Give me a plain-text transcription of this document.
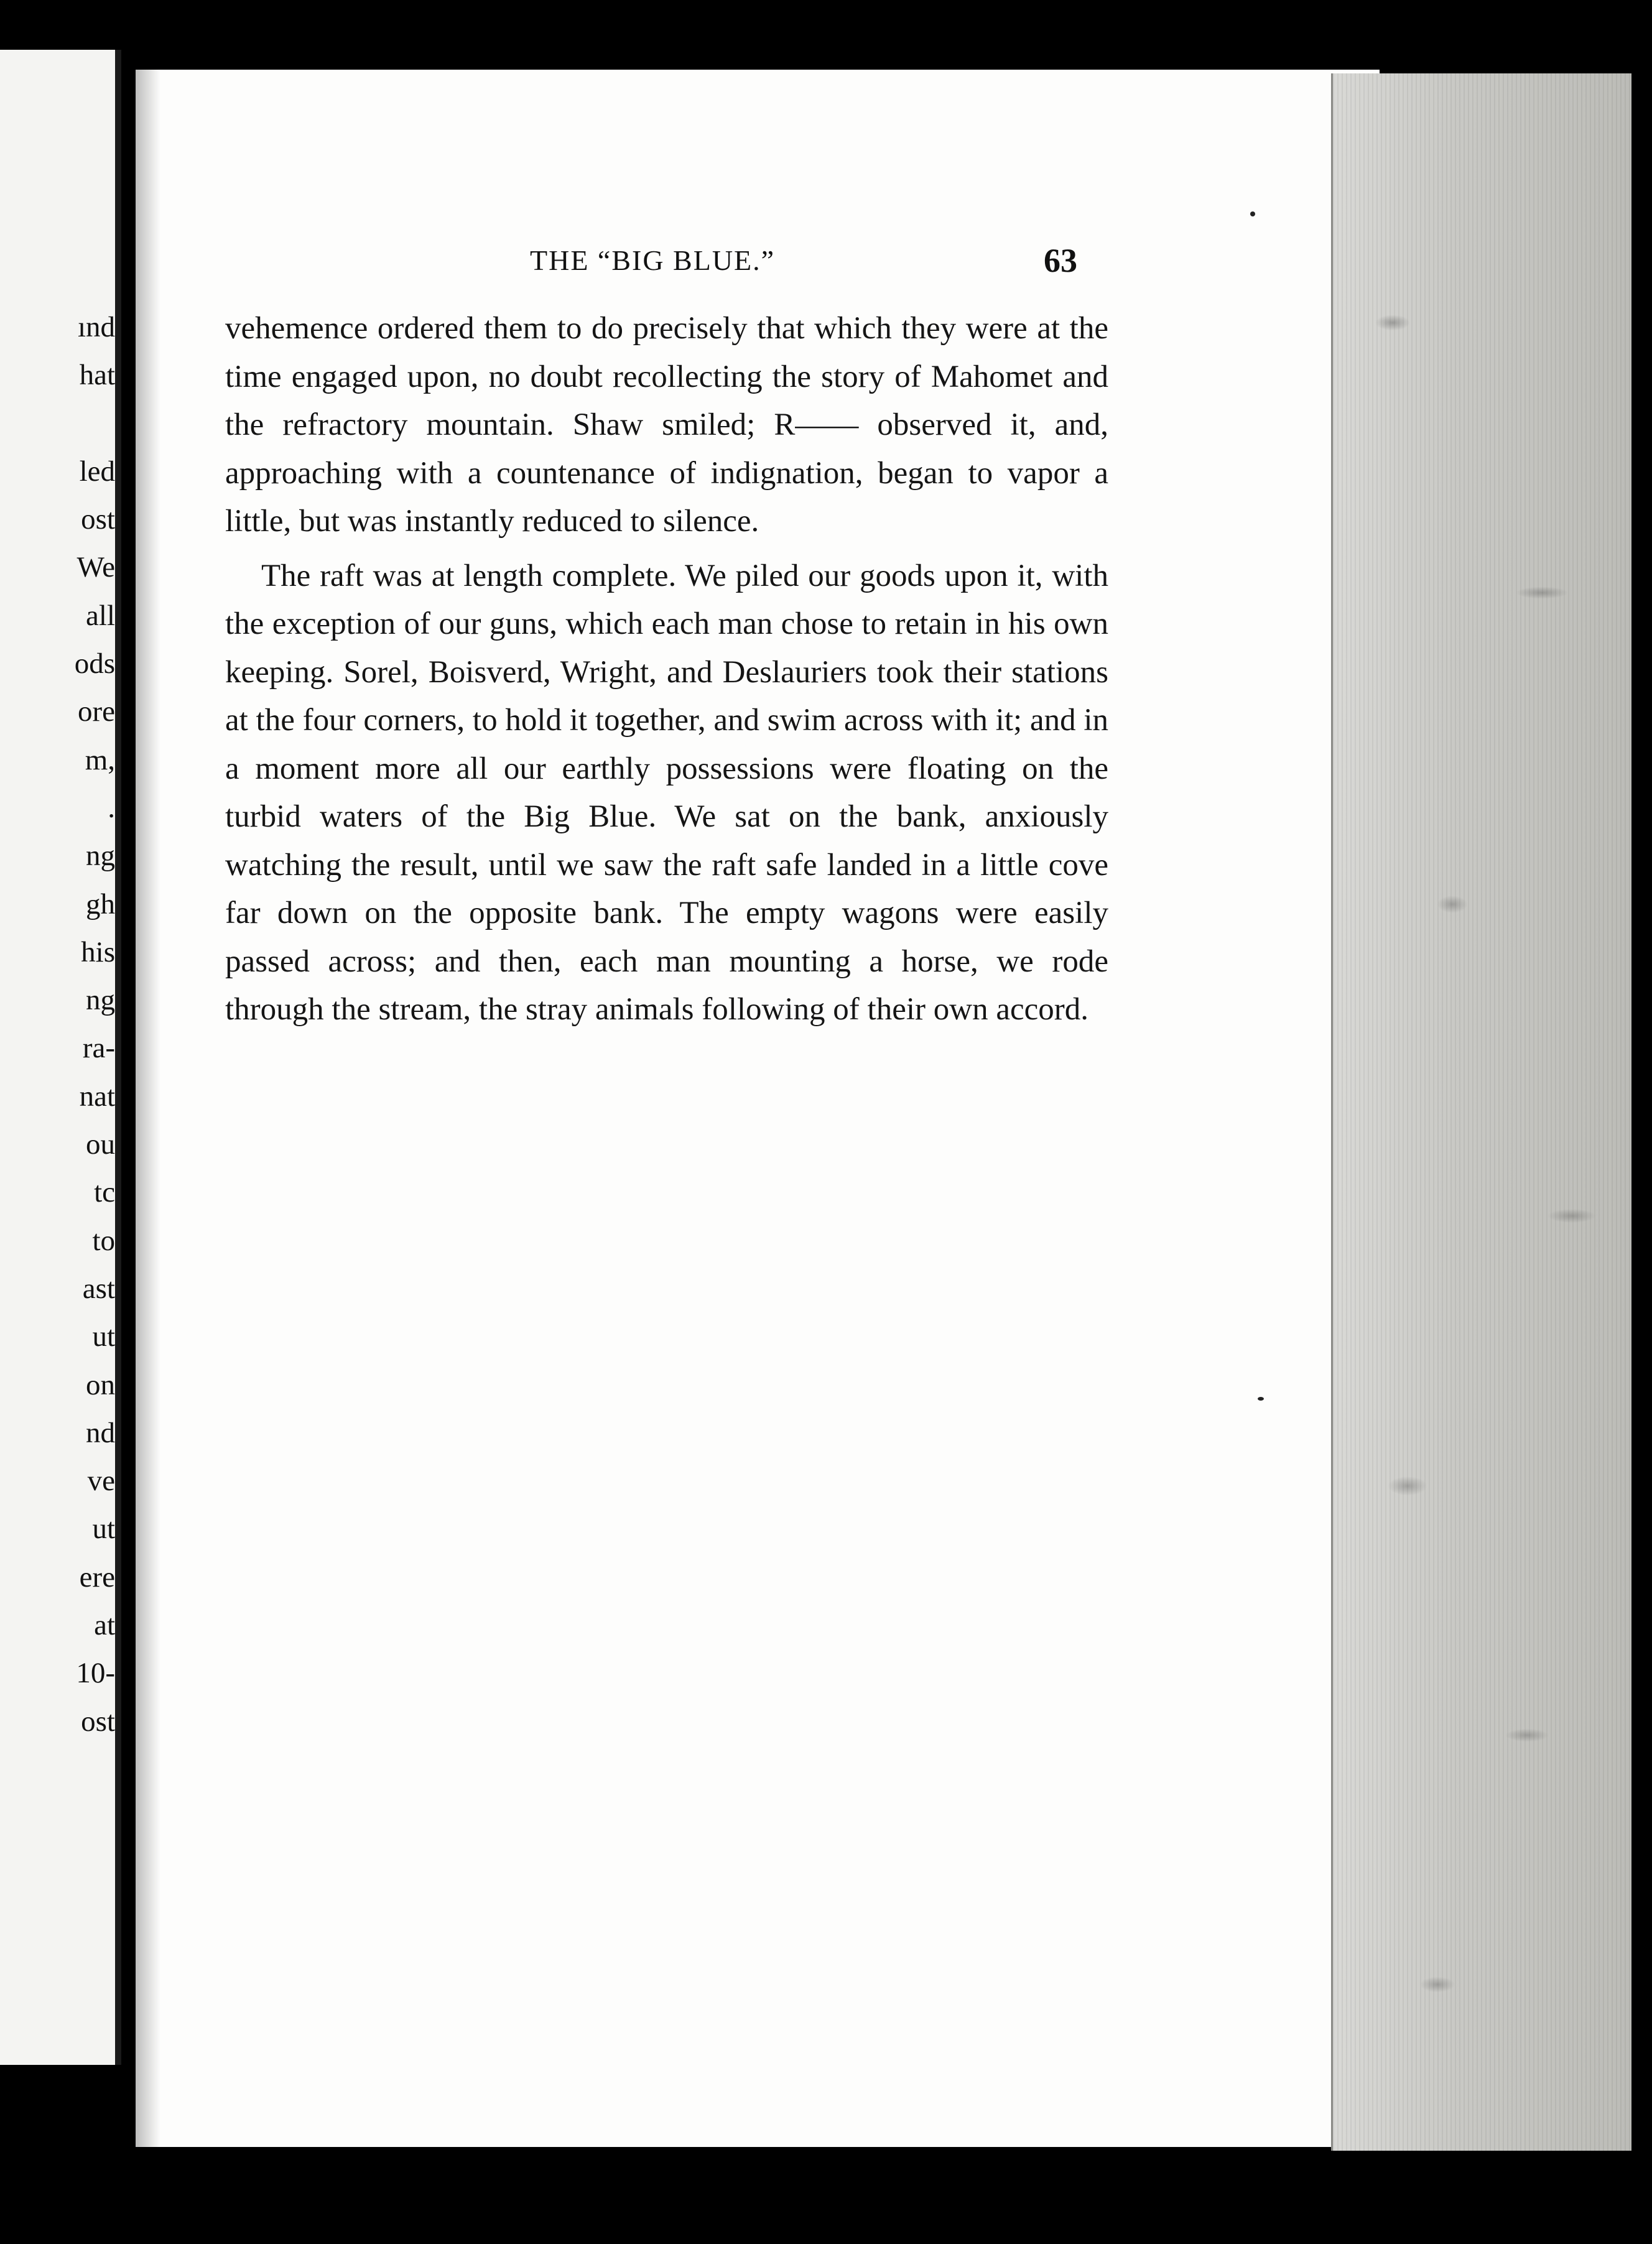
ınd
hat
led
ost
We
all
ods
ore
m,
.
ng
gh
his
ng
ra-
nat
ou
tc
to
ast
ut
on
nd
ve
ut
ere
at
10-
ost
THE “BIG BLUE.”	63

vehemence ordered them to do precisely that which they were at the time engaged upon, no doubt recollecting the story of Mahomet and the refractory mountain. Shaw smiled; R—— observed it, and, approaching with a countenance of indignation, began to vapor a little, but was instantly reduced to silence.

The raft was at length complete. We piled our goods upon it, with the exception of our guns, which each man chose to retain in his own keeping. Sorel, Boisverd, Wright, and Deslauriers took their stations at the four corners, to hold it together, and swim across with it; and in a moment more all our earthly possessions were floating on the turbid waters of the Big Blue. We sat on the bank, anxiously watching the result, until we saw the raft safe landed in a little cove far down on the opposite bank. The empty wagons were easily passed across; and then, each man mounting a horse, we rode through the stream, the stray animals following of their own accord.
